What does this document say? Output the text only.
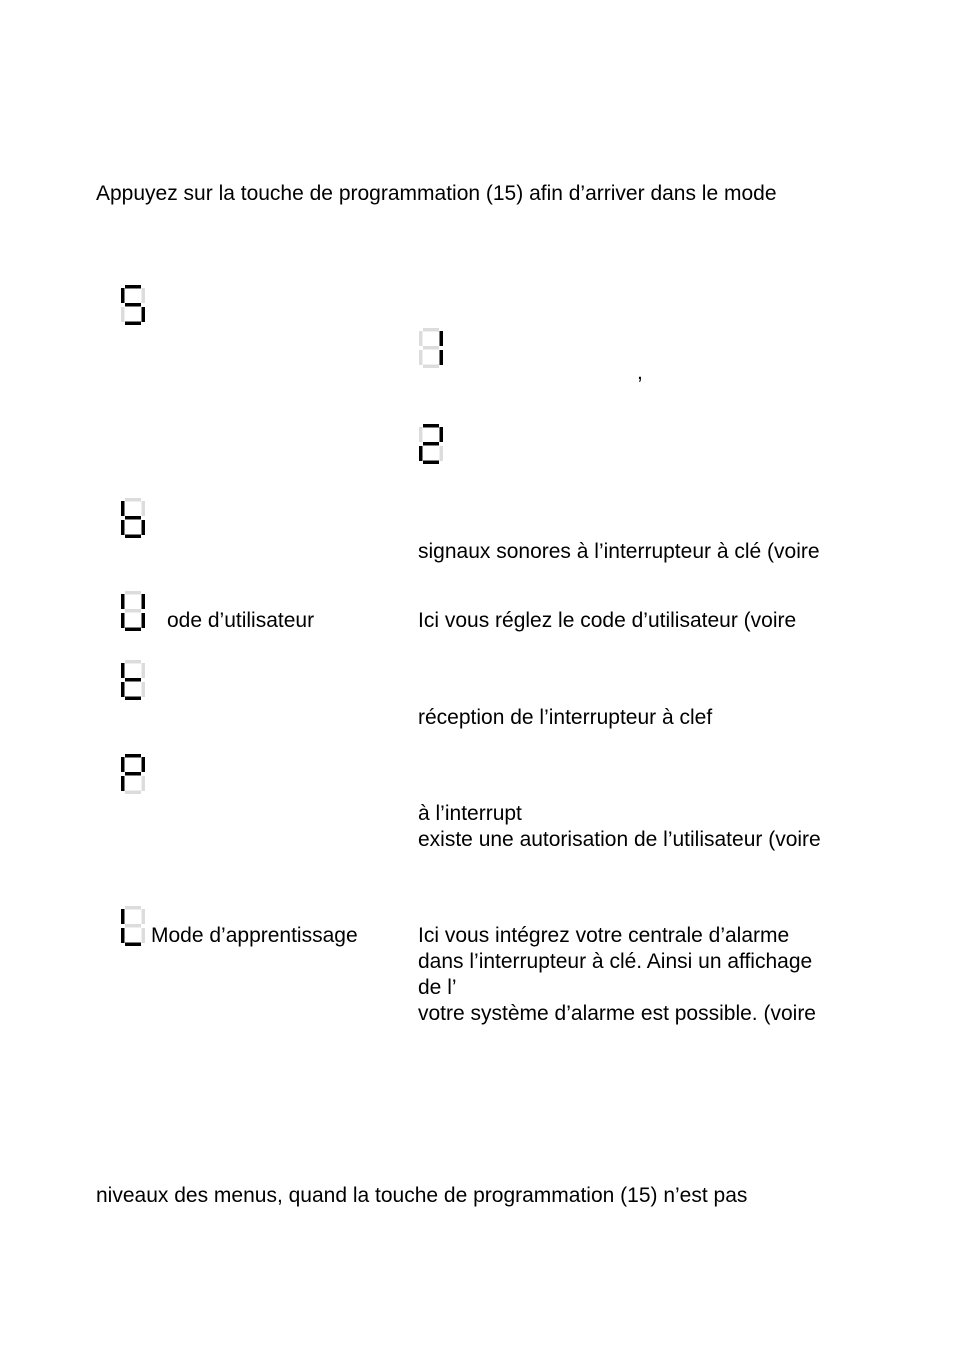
Appuyez sur la touche de programmation (15) afin d’arriver dans le mode

,

signaux sonores à l’interrupteur à clé (voire

ode d’utilisateur	Ici vous réglez le code d’utilisateur (voire

réception de l’interrupteur à clef

à l’interrupt
existe une autorisation de l’utilisateur (voire

Mode d’apprentissage	Ici vous intégrez votre centrale d’alarme
dans l’interrupteur à clé. Ainsi un affichage
de l’
votre système d’alarme est possible. (voire

niveaux des menus, quand la touche de programmation (15) n’est pas
